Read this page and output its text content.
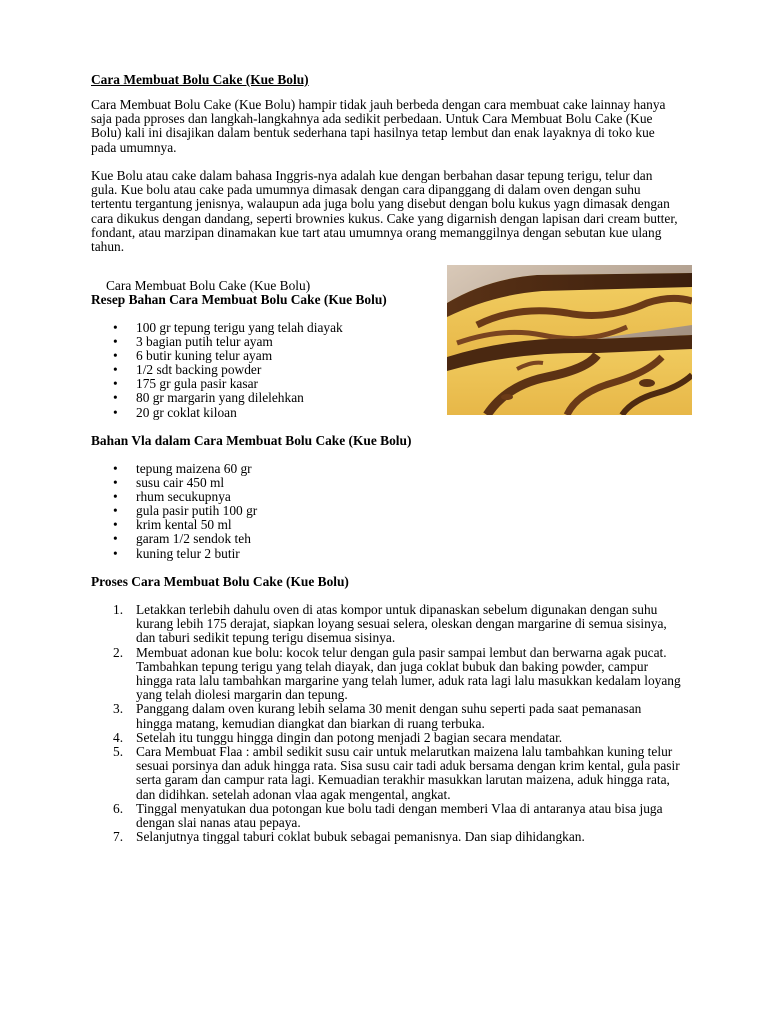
Cara Membuat Bolu Cake (Kue Bolu)

Cara Membuat Bolu Cake (Kue Bolu) hampir tidak jauh berbeda dengan cara membuat cake lainnay hanya saja pada pproses dan langkah-langkahnya ada sedikit perbedaan. Untuk Cara Membuat Bolu Cake (Kue Bolu) kali ini disajikan dalam bentuk sederhana tapi hasilnya tetap lembut dan enak layaknya di toko kue pada umumnya.

Kue Bolu atau cake dalam bahasa Inggris-nya adalah kue dengan berbahan dasar tepung terigu, telur dan gula. Kue bolu atau cake pada umumnya dimasak dengan cara dipanggang di dalam oven dengan suhu tertentu tergantung jenisnya, walaupun ada juga bolu yang disebut dengan bolu kukus yagn dimasak dengan cara dikukus dengan dandang, seperti brownies kukus. Cake yang digarnish dengan lapisan dari cream butter, fondant, atau marzipan dinamakan kue tart atau umumnya orang memanggilnya dengan sebutan kue ulang tahun.

Cara Membuat Bolu Cake (Kue Bolu)
Resep Bahan Cara Membuat Bolu Cake (Kue Bolu)
• 100 gr tepung terigu yang telah diayak
• 3 bagian putih telur ayam
• 6 butir kuning telur ayam
• 1/2 sdt backing powder
• 175 gr gula pasir kasar
• 80 gr margarin yang dilelehkan
• 20 gr coklat kiloan
Bahan Vla dalam Cara Membuat Bolu Cake (Kue Bolu)
• tepung maizena 60 gr
• susu cair 450 ml
• rhum secukupnya
• gula pasir putih 100 gr
• krim kental 50 ml
• garam 1/2 sendok teh
• kuning telur 2 butir
Proses Cara Membuat Bolu Cake (Kue Bolu)
1. Letakkan terlebih dahulu oven di atas kompor untuk dipanaskan sebelum digunakan dengan suhu kurang lebih 175 derajat, siapkan loyang sesuai selera, oleskan dengan margarine di semua sisinya, dan taburi sedikit tepung terigu disemua sisinya.
2. Membuat adonan kue bolu: kocok telur dengan gula pasir sampai lembut dan berwarna agak pucat. Tambahkan tepung terigu yang telah diayak, dan juga coklat bubuk dan baking powder, campur hingga rata lalu tambahkan margarine yang telah lumer, aduk rata lagi lalu masukkan kedalam loyang yang telah diolesi margarin dan tepung.
3. Panggang dalam oven kurang lebih selama 30 menit dengan suhu seperti pada saat pemanasan hingga matang, kemudian diangkat dan biarkan di ruang terbuka.
4. Setelah itu tunggu hingga dingin dan potong menjadi 2 bagian secara mendatar.
5. Cara Membuat Flaa : ambil sedikit susu cair untuk melarutkan maizena lalu tambahkan kuning telur sesuai porsinya dan aduk hingga rata. Sisa susu cair tadi aduk bersama dengan krim kental, gula pasir serta garam dan campur rata lagi. Kemuadian terakhir masukkan larutan maizena, aduk hingga rata, dan didihkan. setelah adonan vlaa agak mengental, angkat.
6. Tinggal menyatukan dua potongan kue bolu tadi dengan memberi Vlaa di antaranya atau bisa juga dengan slai nanas atau pepaya.
7. Selanjutnya tinggal taburi coklat bubuk sebagai pemanisnya. Dan siap dihidangkan.
